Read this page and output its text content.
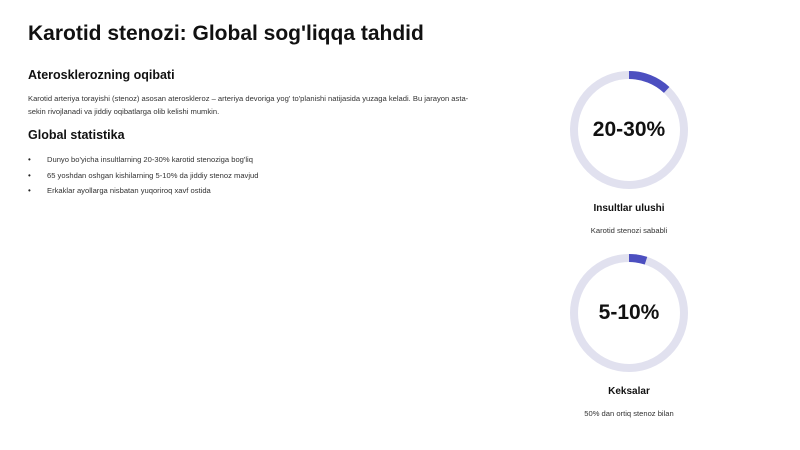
Karotid stenozi: Global sog'liqqa tahdid
Aterosklerozning oqibati

Karotid arteriya torayishi (stenoz) asosan ateroskleroz – arteriya devoriga yog' to'planishi natijasida yuzaga keladi. Bu jarayon asta-sekin rivojlanadi va jiddiy oqibatlarga olib kelishi mumkin.

Global statistika
• Dunyo bo'yicha insultlarning 20-30% karotid stenoziga bog'liq
• 65 yoshdan oshgan kishilarning 5-10% da jiddiy stenoz mavjud
• Erkaklar ayollarga nisbatan yuqoriroq xavf ostida
20-30%
Insultlar ulushi
Karotid stenozi sababli
5-10%
Keksalar
50% dan ortiq stenoz bilan
